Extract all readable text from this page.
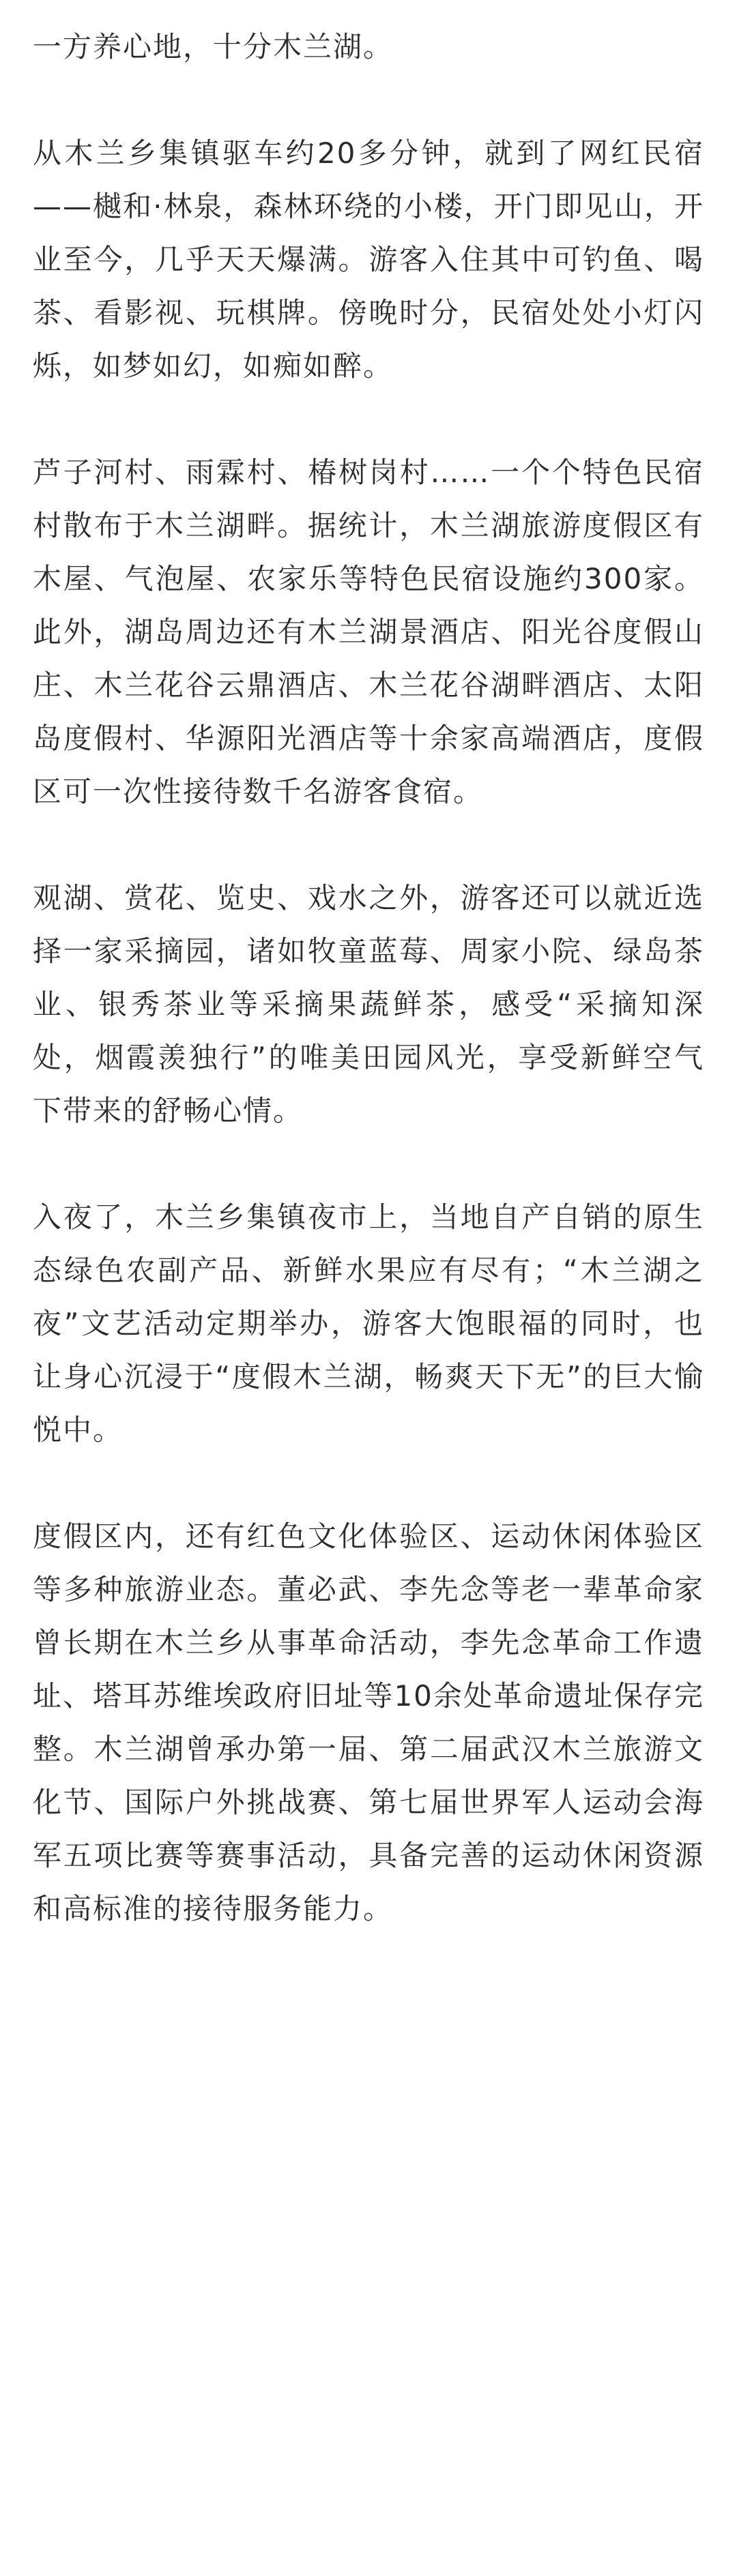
一方养心地，十分木兰湖。

从木兰乡集镇驱车约20多分钟，就到了网红民宿——樾和·林泉，森林环绕的小楼，开门即见山，开业至今，几乎天天爆满。游客入住其中可钓鱼、喝茶、看影视、玩棋牌。傍晚时分，民宿处处小灯闪烁，如梦如幻，如痴如醉。

芦子河村、雨霖村、椿树岗村……一个个特色民宿村散布于木兰湖畔。据统计，木兰湖旅游度假区有木屋、气泡屋、农家乐等特色民宿设施约300家。此外，湖岛周边还有木兰湖景酒店、阳光谷度假山庄、木兰花谷云鼎酒店、木兰花谷湖畔酒店、太阳岛度假村、华源阳光酒店等十余家高端酒店，度假区可一次性接待数千名游客食宿。

观湖、赏花、览史、戏水之外，游客还可以就近选择一家采摘园，诸如牧童蓝莓、周家小院、绿岛茶业、银秀茶业等采摘果蔬鲜茶，感受“采摘知深处，烟霞羡独行”的唯美田园风光，享受新鲜空气下带来的舒畅心情。

入夜了，木兰乡集镇夜市上，当地自产自销的原生态绿色农副产品、新鲜水果应有尽有；“木兰湖之夜”文艺活动定期举办，游客大饱眼福的同时，也让身心沉浸于“度假木兰湖，畅爽天下无”的巨大愉悦中。

度假区内，还有红色文化体验区、运动休闲体验区等多种旅游业态。董必武、李先念等老一辈革命家曾长期在木兰乡从事革命活动，李先念革命工作遗址、塔耳苏维埃政府旧址等10余处革命遗址保存完整。木兰湖曾承办第一届、第二届武汉木兰旅游文化节、国际户外挑战赛、第七届世界军人运动会海军五项比赛等赛事活动，具备完善的运动休闲资源和高标准的接待服务能力。
